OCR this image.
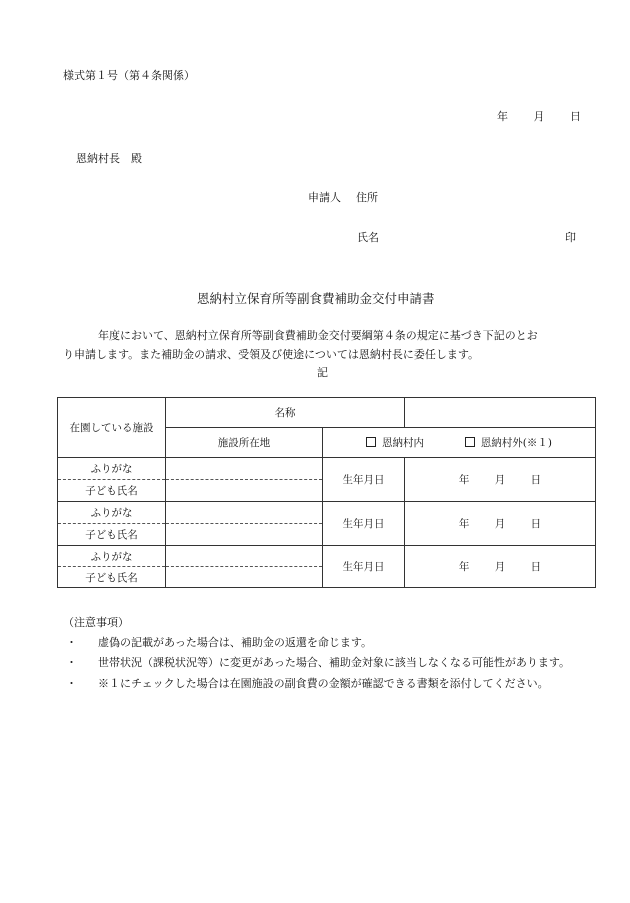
様式第１号（第４条関係）
年 月 日
恩納村長　殿
申請人 住所
氏名	印
恩納村立保育所等副食費補助金交付申請書
年度において、恩納村立保育所等副食費補助金交付要綱第４条の規定に基づき下記のとお
り申請します。また補助金の請求、受領及び使途については恩納村長に委任します。
記
在園している施設	名称		
	施設所在地	恩納村内 恩納村外(※１)	
ふりがな		生年月日	年 月 日
子ども氏名			
ふりがな		生年月日	年 月 日
子ども氏名			
ふりがな		生年月日	年 月 日
子ども氏名			
（注意事項）
・ 虚偽の記載があった場合は、補助金の返還を命じます。
・ 世帯状況（課税状況等）に変更があった場合、補助金対象に該当しなくなる可能性があります。
・ ※１にチェックした場合は在園施設の副食費の金額が確認できる書類を添付してください。
